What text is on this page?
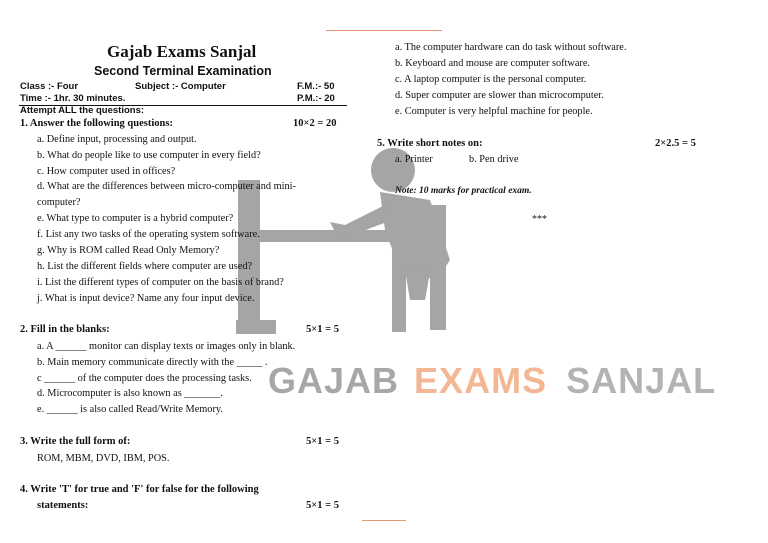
GAJAB EXAMS SANJAL
Gajab Exams Sanjal
Second Terminal Examination
Class :- Four	Subject :- Computer	F.M.:- 50
Time :- 1hr. 30 minutes.	P.M.:- 20
Attempt ALL the questions:
1. Answer the following questions:	10×2 = 20
a. Define input, processing and output.
b. What do people like to use computer in every field?
c. How computer used in offices?
d. What are the differences between micro-computer and mini-
computer?
e. What type to computer is a hybrid computer?
f. List any two tasks of the operating system software.
g. Why is ROM called Read Only Memory?
h. List the different fields where computer are used?
i. List the different types of computer on the basis of brand?
j. What is input device? Name any four input device.
2. Fill in the blanks:	5×1 = 5
a. A ______ monitor can display texts or images only in blank.
b. Main memory communicate directly with the _____ .
c ______ of the computer does the processing tasks.
d. Microcomputer is also known as _______.
e. ______ is also called Read/Write Memory.
3. Write the full form of:	5×1 = 5
ROM, MBM, DVD, IBM, POS.
4. Write 'T' for true and 'F' for false for the following
statements:	5×1 = 5
a. The computer hardware can do task without software.
b. Keyboard and mouse are computer software.
c. A laptop computer is the personal computer.
d. Super computer are slower than microcomputer.
e. Computer is very helpful machine for people.
5. Write short notes on:	2×2.5 = 5
a. Printer	b. Pen drive
Note: 10 marks for practical exam.
***
